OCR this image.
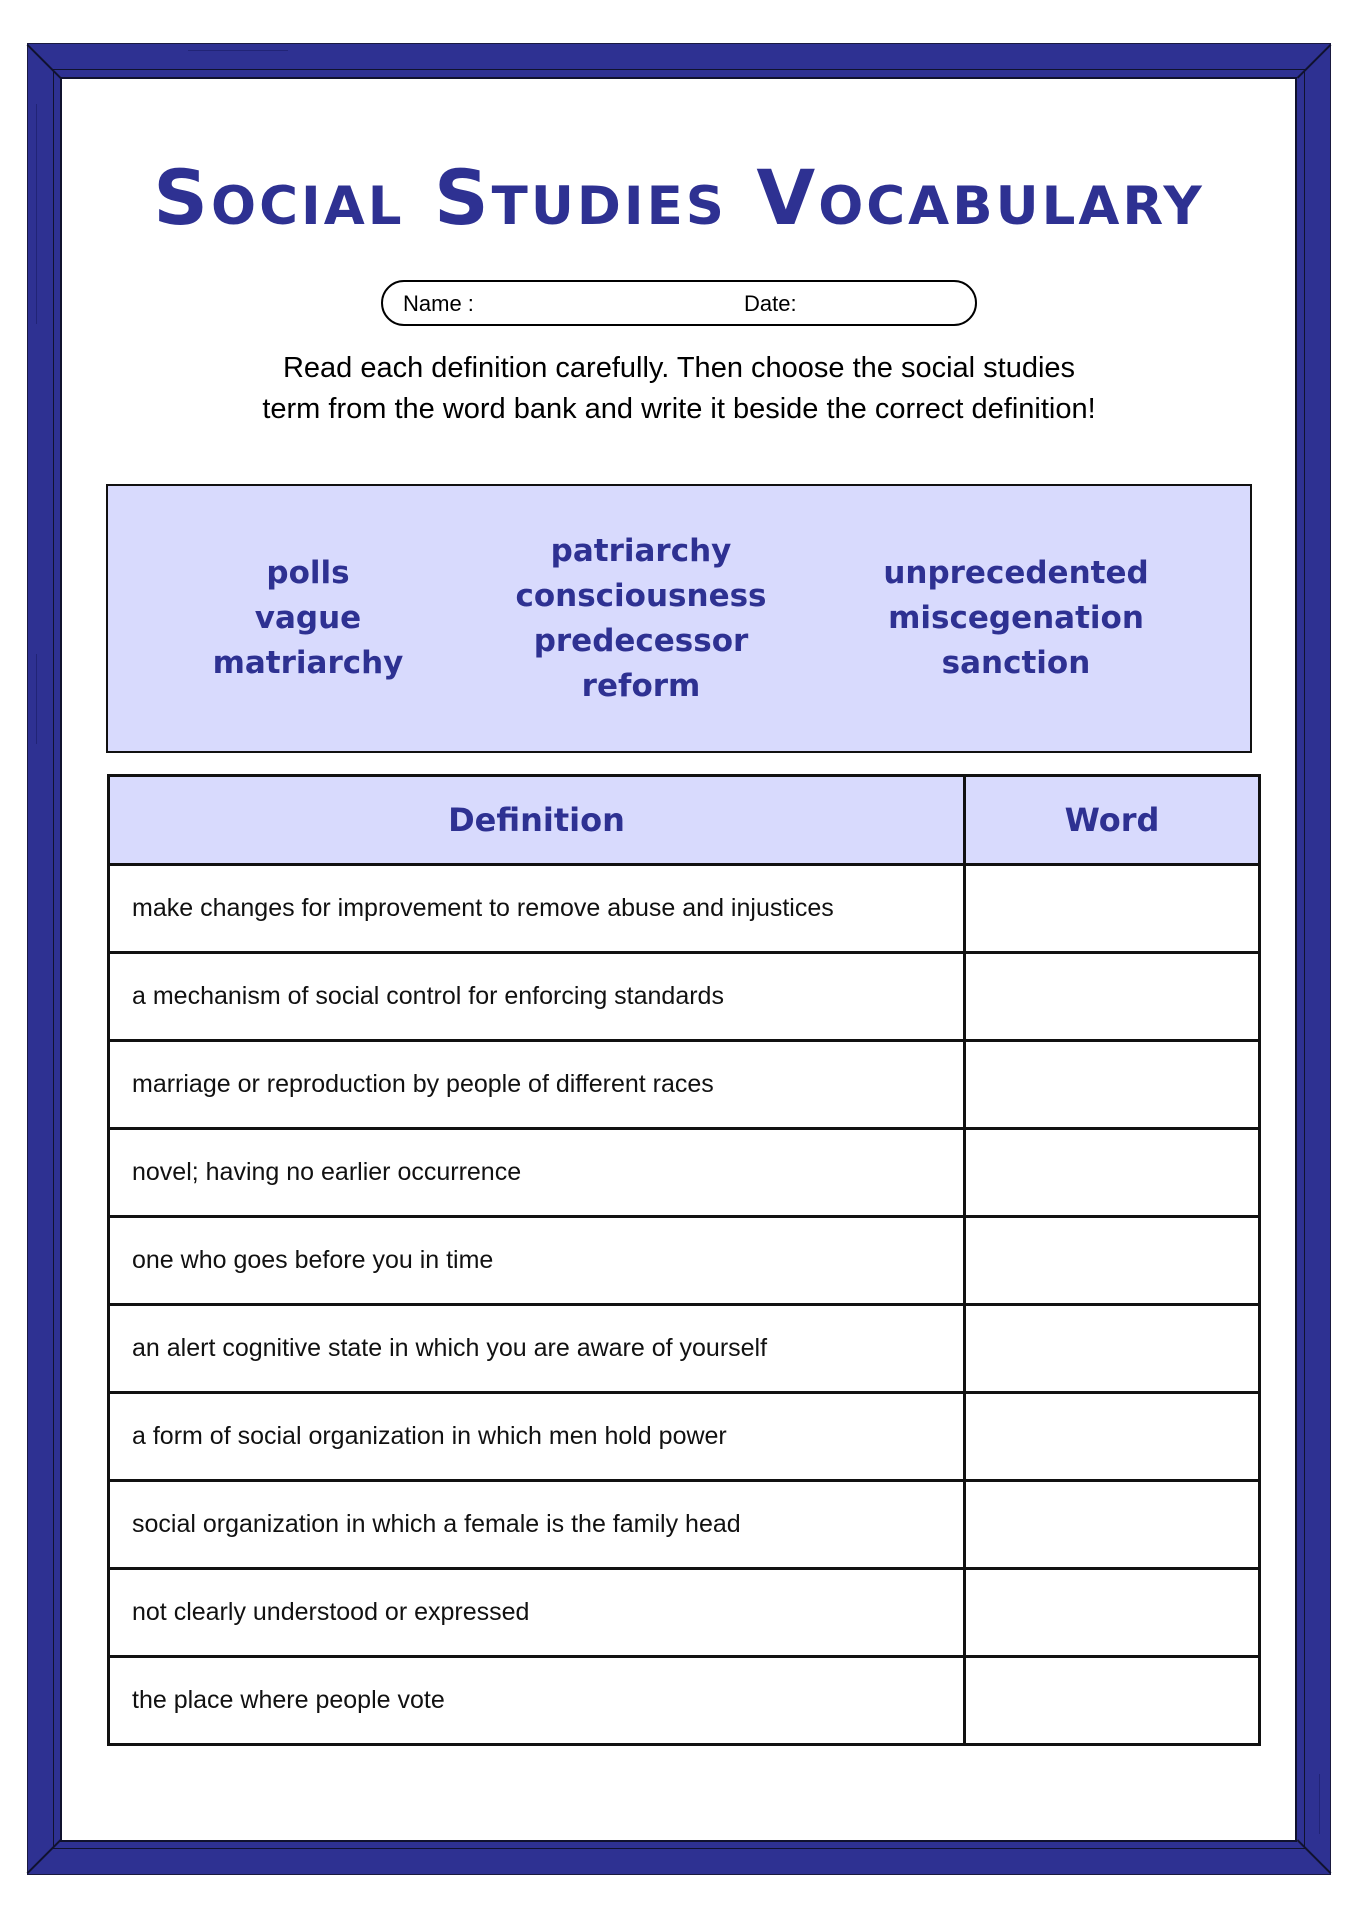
Social Studies Vocabulary
Name :	Date:
Read each definition carefully. Then choose the social studies
term from the word bank and write it beside the correct definition!
polls
vague
matriarchy
patriarchy
consciousness
predecessor
reform
unprecedented
miscegenation
sanction
Definition	Word
make changes for improvement to remove abuse and injustices	
a mechanism of social control for enforcing standards	
marriage or reproduction by people of different races	
novel; having no earlier occurrence	
one who goes before you in time	
an alert cognitive state in which you are aware of yourself	
a form of social organization in which men hold power	
social organization in which a female is the family head	
not clearly understood or expressed	
the place where people vote	
